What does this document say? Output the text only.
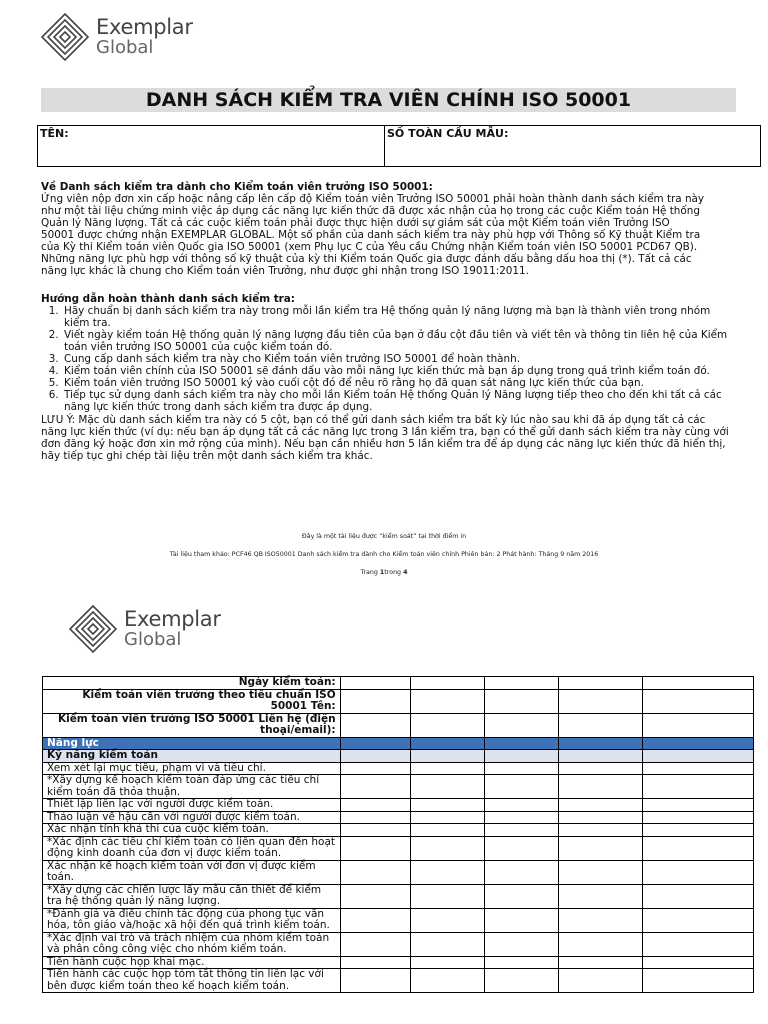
Exemplar
Global
DANH SÁCH KIỂM TRA VIÊN CHÍNH ISO 50001
TÊN:	SỐ TOÀN CẦU MẪU:
Về Danh sách kiểm tra dành cho Kiểm toán viên trưởng ISO 50001:
Ứng viên nộp đơn xin cấp hoặc nâng cấp lên cấp độ Kiểm toán viên Trưởng ISO 50001 phải hoàn thành danh sách kiểm tra này
như một tài liệu chứng minh việc áp dụng các năng lực kiến thức đã được xác nhận của họ trong các cuộc Kiểm toán Hệ thống
Quản lý Năng lượng. Tất cả các cuộc kiểm toán phải được thực hiện dưới sự giám sát của một Kiểm toán viên Trưởng ISO
50001 được chứng nhận EXEMPLAR GLOBAL. Một số phần của danh sách kiểm tra này phù hợp với Thông số Kỹ thuật Kiểm tra
của Kỳ thi Kiểm toán viên Quốc gia ISO 50001 (xem Phụ lục C của Yêu cầu Chứng nhận Kiểm toán viên ISO 50001 PCD67 QB).
Những năng lực phù hợp với thông số kỹ thuật của kỳ thi Kiểm toán Quốc gia được đánh dấu bằng dấu hoa thị (*). Tất cả các
năng lực khác là chung cho Kiểm toán viên Trưởng, như được ghi nhận trong ISO 19011:2011.
Hướng dẫn hoàn thành danh sách kiểm tra:
1. Hãy chuẩn bị danh sách kiểm tra này trong mỗi lần kiểm tra Hệ thống quản lý năng lượng mà bạn là thành viên trong nhóm kiểm tra.
2. Viết ngày kiểm toán Hệ thống quản lý năng lượng đầu tiên của bạn ở đầu cột đầu tiên và viết tên và thông tin liên hệ của Kiểm toán viên trưởng ISO 50001 của cuộc kiểm toán đó.
3. Cung cấp danh sách kiểm tra này cho Kiểm toán viên trưởng ISO 50001 để hoàn thành.
4. Kiểm toán viên chính của ISO 50001 sẽ đánh dấu vào mỗi năng lực kiến thức mà bạn áp dụng trong quá trình kiểm toán đó.
5. Kiểm toán viên trưởng ISO 50001 ký vào cuối cột đó để nêu rõ rằng họ đã quan sát năng lực kiến thức của bạn.
6. Tiếp tục sử dụng danh sách kiểm tra này cho mỗi lần Kiểm toán Hệ thống Quản lý Năng lượng tiếp theo cho đến khi tất cả các năng lực kiến thức trong danh sách kiểm tra được áp dụng.
LƯU Ý: Mặc dù danh sách kiểm tra này có 5 cột, bạn có thể gửi danh sách kiểm tra bất kỳ lúc nào sau khi đã áp dụng tất cả các năng lực kiến thức (ví dụ: nếu bạn áp dụng tất cả các năng lực trong 3 lần kiểm tra, bạn có thể gửi danh sách kiểm tra này cùng với đơn đăng ký hoặc đơn xin mở rộng của mình). Nếu bạn cần nhiều hơn 5 lần kiểm tra để áp dụng các năng lực kiến thức đã hiển thị, hãy tiếp tục ghi chép tài liệu trên một danh sách kiểm tra khác.
Đây là một tài liệu được “kiểm soát” tại thời điểm in
Tài liệu tham khảo: PCF46 QB ISO50001 Danh sách kiểm tra dành cho Kiểm toán viên chính Phiên bản: 2 Phát hành: Tháng 9 năm 2016
Trang 1trong 4
Exemplar
Global
Ngày kiểm toán:					
Kiểm toán viên trưởng theo tiêu chuẩn ISO 50001 Tên:					
Kiểm toán viên trưởng ISO 50001 Liên hệ (điện thoại/email):					
Năng lực					
Kỹ năng kiểm toán					
Xem xét lại mục tiêu, phạm vi và tiêu chí.					
*Xây dựng kế hoạch kiểm toán đáp ứng các tiêu chí kiểm toán đã thỏa thuận.					
Thiết lập liên lạc với người được kiểm toán.					
Thảo luận về hậu cần với người được kiểm toán.					
Xác nhận tính khả thi của cuộc kiểm toán.					
*Xác định các tiêu chí kiểm toán có liên quan đến hoạt động kinh doanh của đơn vị được kiểm toán.					
Xác nhận kế hoạch kiểm toán với đơn vị được kiểm toán.					
*Xây dựng các chiến lược lấy mẫu cần thiết để kiểm tra hệ thống quản lý năng lượng.					
*Đánh giá và điều chỉnh tác động của phong tục văn hóa, tôn giáo và/hoặc xã hội đến quá trình kiểm toán.					
*Xác định vai trò và trách nhiệm của nhóm kiểm toán và phân công công việc cho nhóm kiểm toán.					
Tiến hành cuộc họp khai mạc.					
Tiến hành các cuộc họp tóm tắt thông tin liên lạc với bên được kiểm toán theo kế hoạch kiểm toán.					
